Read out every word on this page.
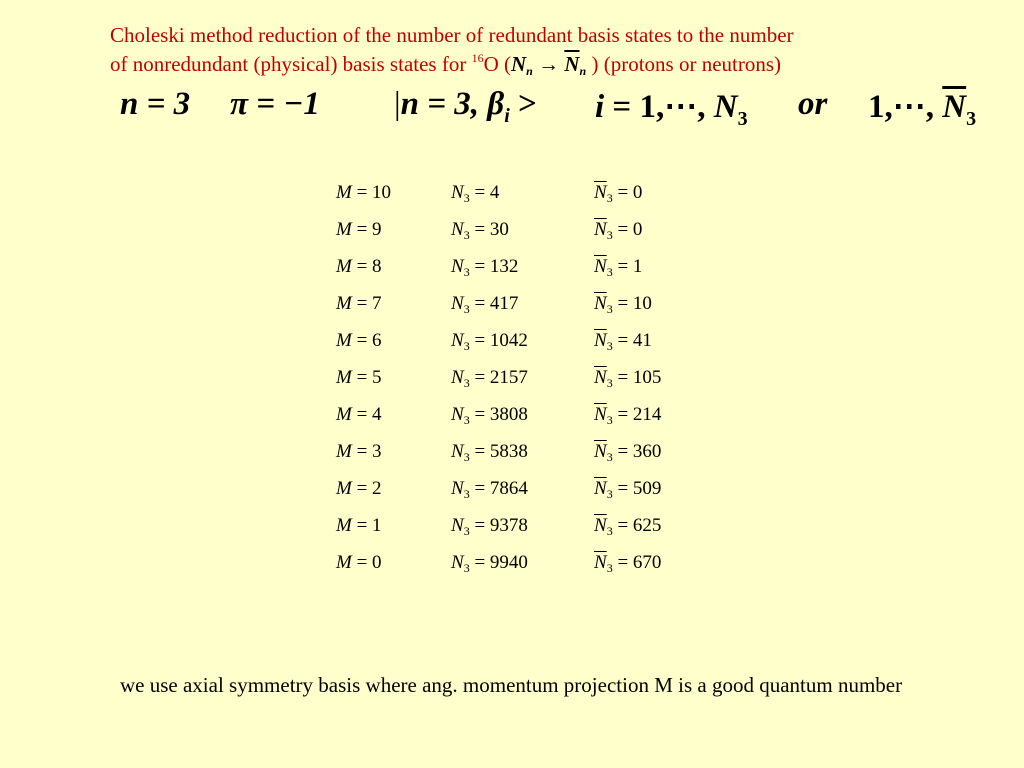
Choleski method reduction of the number of redundant basis states to the number
of nonredundant (physical) basis states for $^{16}$O ($N_n \to \overline{N}_n$ ) (protons or neutrons)
n = 3 π = −1 |n = 3, $\beta_i > i$ = 1,⋯, $N_3$ or 1,⋯, $\overline{N}_3$
M = 10	$N_3 = 4$	$\overline{N}_3 = 0$
M = 9	$N_3 = 30$	$\overline{N}_3 = 0$
M = 8	$N_3 = 132$	$\overline{N}_3 = 1$
M = 7	$N_3 = 417$	$\overline{N}_3 = 10$
M = 6	$N_3 = 1042$	$\overline{N}_3 = 41$
M = 5	$N_3 = 2157$	$\overline{N}_3 = 105$
M = 4	$N_3 = 3808$	$\overline{N}_3 = 214$
M = 3	$N_3 = 5838$	$\overline{N}_3 = 360$
M = 2	$N_3 = 7864$	$\overline{N}_3 = 509$
M = 1	$N_3 = 9378$	$\overline{N}_3 = 625$
M = 0	$N_3 = 9940$	$\overline{N}_3 = 670$
we use axial symmetry basis where ang. momentum projection M is a good quantum number
